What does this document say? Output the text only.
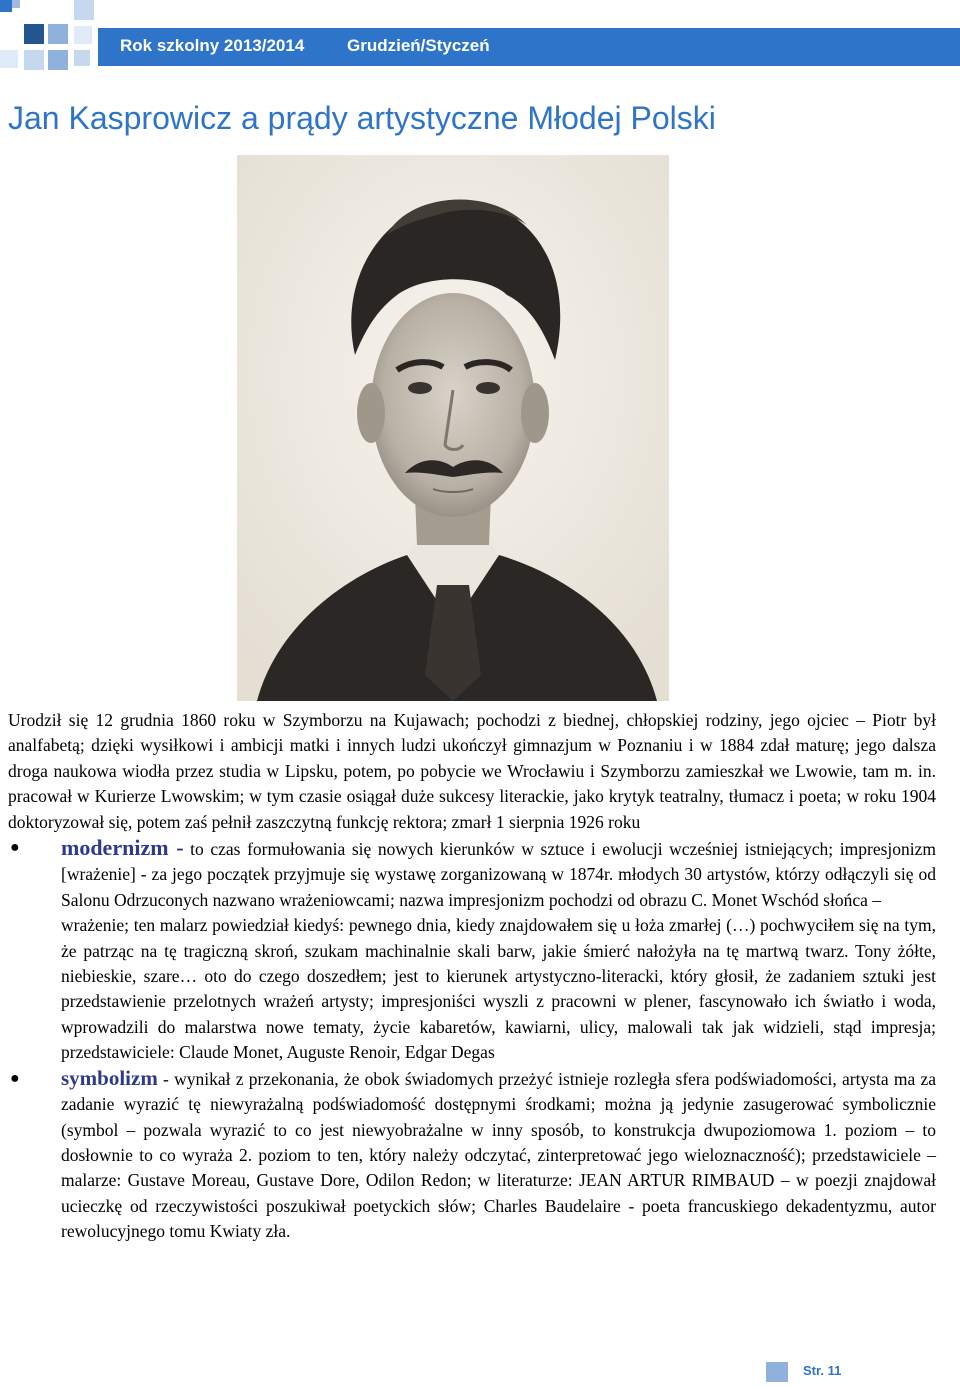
Rok szkolny 2013/2014	Grudzień/Styczeń
Jan Kasprowicz a prądy artystyczne Młodej Polski

Urodził się 12 grudnia 1860 roku w Szymborzu na Kujawach; pochodzi z biednej, chłopskiej rodziny, jego ojciec – Piotr był analfabetą; dzięki wysiłkowi i ambicji matki i innych ludzi ukończył gimnazjum w Poznaniu i w 1884 zdał maturę; jego dalsza droga naukowa wiodła przez studia w Lipsku, potem, po pobycie we Wrocławiu i Szymborzu zamieszkał we Lwowie, tam m. in. pracował w Kurierze Lwowskim; w tym czasie osiągał duże sukcesy literackie, jako krytyk teatralny, tłumacz i poeta; w roku 1904 doktoryzował się, potem zaś pełnił zaszczytną funkcję rektora; zmarł 1 sierpnia 1926 roku

● modernizm - to czas formułowania się nowych kierunków w sztuce i ewolucji wcześniej istniejących; impresjonizm [wrażenie] - za jego początek przyjmuje się wystawę zorganizowaną w 1874r. młodych 30 artystów, którzy odłączyli się od Salonu Odrzuconych nazwano wrażeniowcami; nazwa impresjonizm pochodzi od obrazu C. Monet Wschód słońca –
wrażenie; ten malarz powiedział kiedyś: pewnego dnia, kiedy znajdowałem się u łoża zmarłej (…) pochwyciłem się na tym, że patrząc na tę tragiczną skroń, szukam machinalnie skali barw, jakie śmierć nałożyła na tę martwą twarz. Tony żółte, niebieskie, szare… oto do czego doszedłem; jest to kierunek artystyczno-literacki, który głosił, że zadaniem sztuki jest przedstawienie przelotnych wrażeń artysty; impresjoniści wyszli z pracowni w plener, fascynowało ich światło i woda, wprowadzili do malarstwa nowe tematy, życie kabaretów, kawiarni, ulicy, malowali tak jak widzieli, stąd impresja; przedstawiciele: Claude Monet, Auguste Renoir, Edgar Degas
● symbolizm - wynikał z przekonania, że obok świadomych przeżyć istnieje rozległa sfera podświadomości, artysta ma za zadanie wyrazić tę niewyrażalną podświadomość dostępnymi środkami; można ją jedynie zasugerować symbolicznie (symbol – pozwala wyrazić to co jest niewyobrażalne w inny sposób, to konstrukcja dwupoziomowa 1. poziom – to dosłownie to co wyraża 2. poziom to ten, który należy odczytać, zinterpretować jego wieloznaczność); przedstawiciele – malarze: Gustave Moreau, Gustave Dore, Odilon Redon; w literaturze: JEAN ARTUR RIMBAUD – w poezji znajdował ucieczkę od rzeczywistości poszukiwał poetyckich słów; Charles Baudelaire - poeta francuskiego dekadentyzmu, autor rewolucyjnego tomu Kwiaty zła.
Str. 11
